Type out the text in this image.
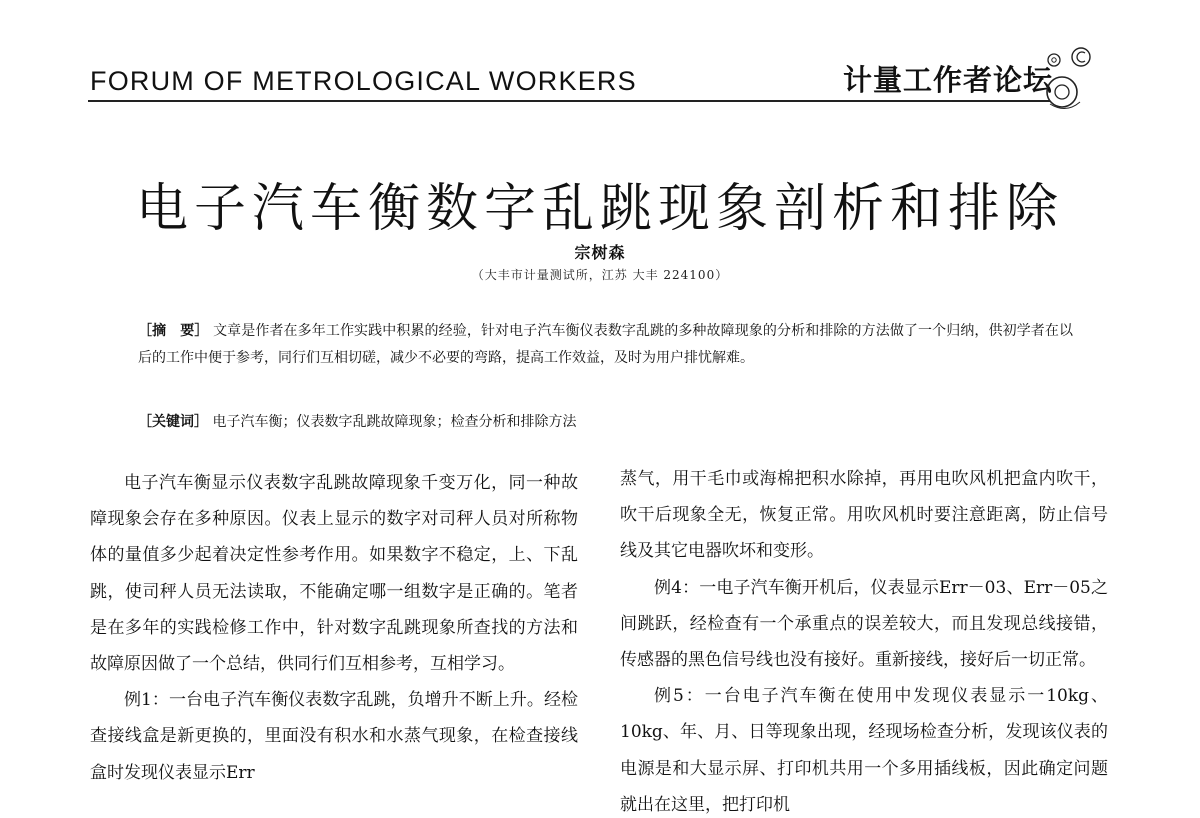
FORUM OF METROLOGICAL WORKERS	计量工作者论坛
电子汽车衡数字乱跳现象剖析和排除
宗树森
（大丰市计量测试所，江苏 大丰 224100）
［摘　要］ 文章是作者在多年工作实践中积累的经验，针对电子汽车衡仪表数字乱跳的多种故障现象的分析和排除的方法做了一个归纳，供初学者在以后的工作中便于参考，同行们互相切磋，减少不必要的弯路，提高工作效益，及时为用户排忧解难。
［关键词］ 电子汽车衡；仪表数字乱跳故障现象；检查分析和排除方法

电子汽车衡显示仪表数字乱跳故障现象千变万化，同一种故障现象会存在多种原因。仪表上显示的数字对司秤人员对所称物体的量值多少起着决定性参考作用。如果数字不稳定，上、下乱跳，使司秤人员无法读取，不能确定哪一组数字是正确的。笔者是在多年的实践检修工作中，针对数字乱跳现象所查找的方法和故障原因做了一个总结，供同行们互相参考，互相学习。

例1：一台电子汽车衡仪表数字乱跳，负增升不断上升。经检查接线盒是新更换的，里面没有积水和水蒸气现象，在检查接线盒时发现仪表显示Err

蒸气，用干毛巾或海棉把积水除掉，再用电吹风机把盒内吹干，吹干后现象全无，恢复正常。用吹风机时要注意距离，防止信号线及其它电器吹坏和变形。

例4：一电子汽车衡开机后，仪表显示Err－03、Err－05之间跳跃，经检查有一个承重点的误差较大，而且发现总线接错，传感器的黑色信号线也没有接好。重新接线，接好后一切正常。

例5：一台电子汽车衡在使用中发现仪表显示一10kg、10kg、年、月、日等现象出现，经现场检查分析，发现该仪表的电源是和大显示屏、打印机共用一个多用插线板，因此确定问题就出在这里，把打印机
